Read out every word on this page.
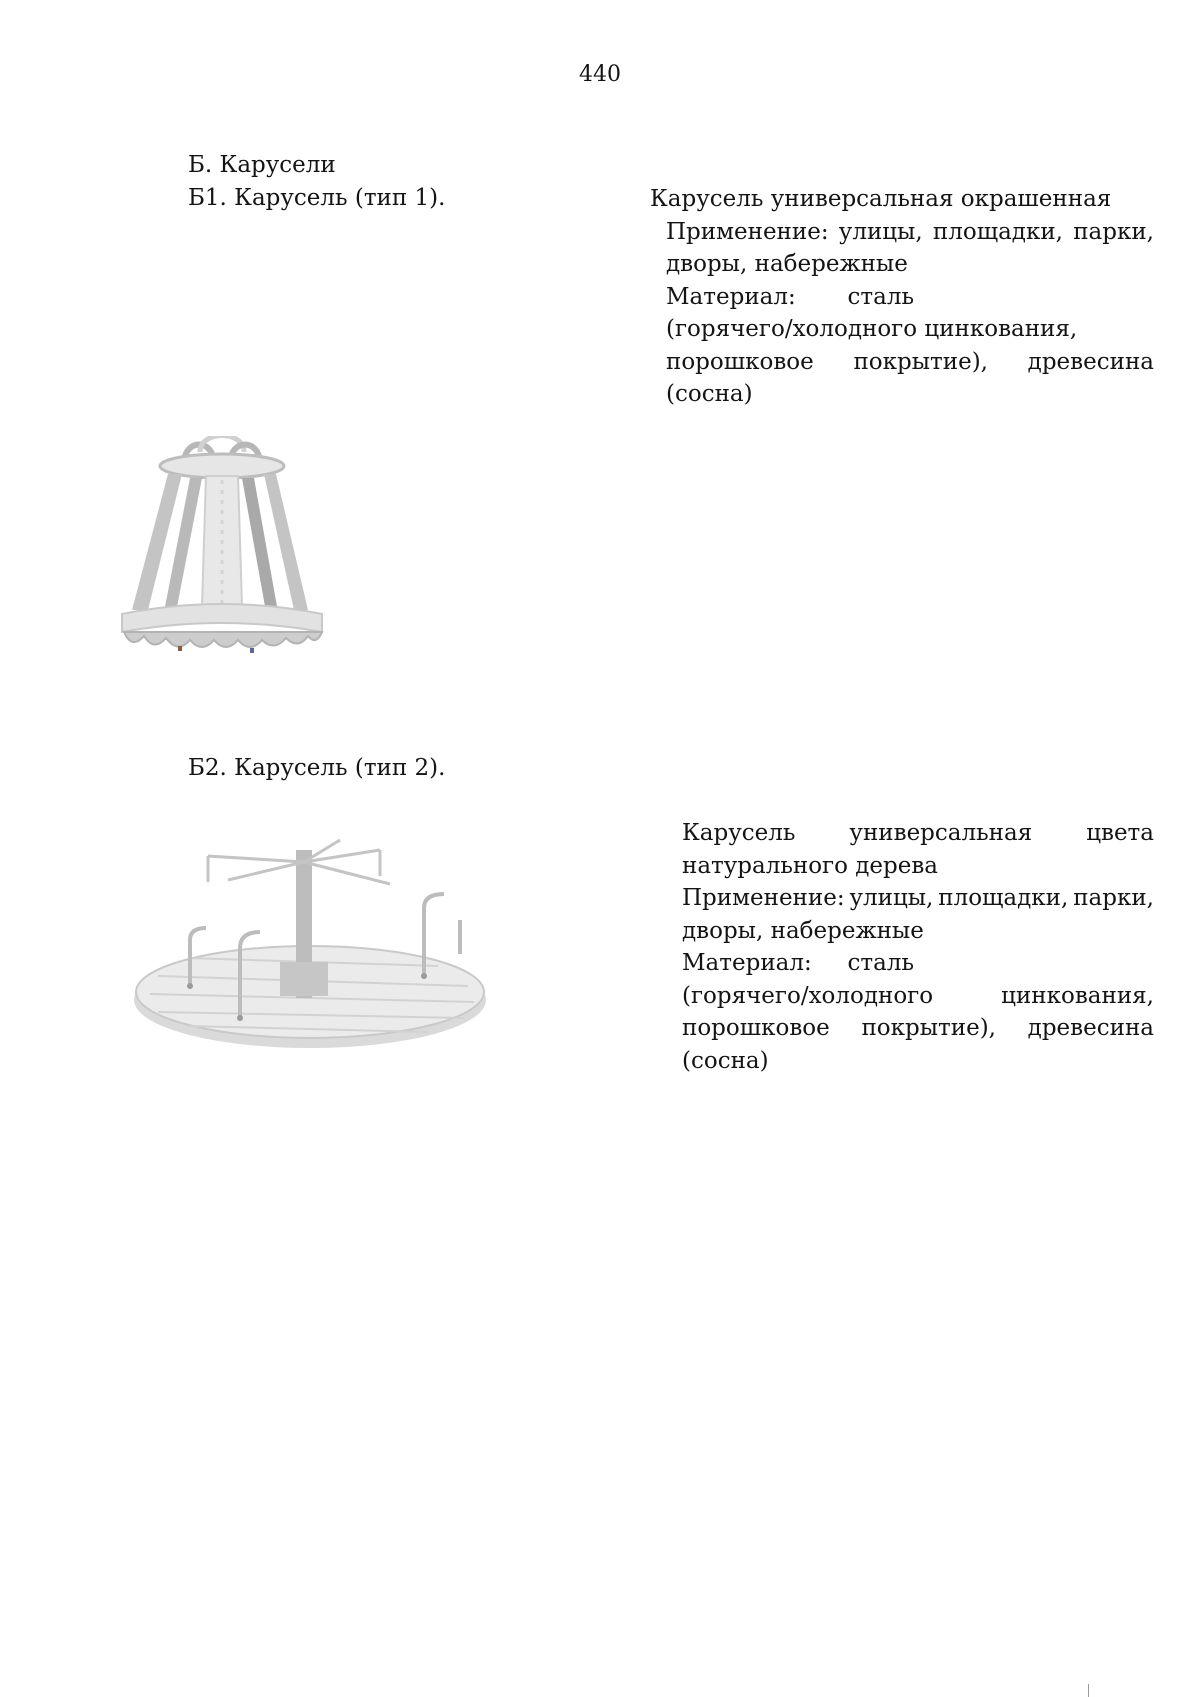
440
Б. Карусели
Б1. Карусель (тип 1).	Карусель универсальная окрашенная
Применение: улицы, площадки, парки,
дворы, набережные
Материал: сталь
(горячего/холодного цинкования,
порошковое покрытие), древесина
(сосна)
Б2. Карусель (тип 2).
Карусель универсальная цвета
натурального дерева
Применение: улицы, площадки, парки,
дворы, набережные
Материал: сталь
(горячего/холодного	цинкования,
порошковое покрытие), древесина
(сосна)
